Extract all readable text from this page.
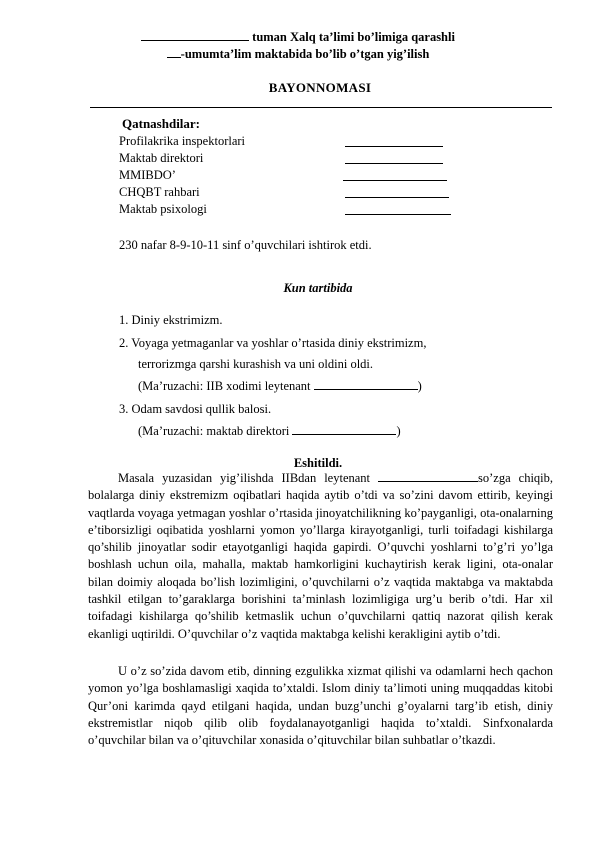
tuman Xalq ta’limi bo’limiga qarashli
-umumta’lim maktabida bo’lib o’tgan yig’ilish
BAYONNOMASI
Qatnashdilar:
Profilakrika inspektorlari
Maktab direktori
MMIBDO’
CHQBT rahbari
Maktab psixologi
230 nafar 8-9-10-11 sinf o’quvchilari ishtirok etdi.
Kun tartibida
1. Diniy ekstrimizm.
2. Voyaga yetmaganlar va yoshlar o’rtasida diniy ekstrimizm,
terrorizmga qarshi kurashish va uni oldini oldi.
(Ma’ruzachi: IIB xodimi leytenant	)
3. Odam savdosi qullik balosi.
(Ma’ruzachi: maktab direktori	)
Eshitildi.

Masala yuzasidan yig’ilishda IIBdan leytenant	so’zga chiqib, bolalarga diniy ekstremizm oqibatlari haqida aytib o’tdi va so’zini davom ettirib, keyingi vaqtlarda voyaga yetmagan yoshlar o’rtasida jinoyatchilikning ko’payganligi, ota-onalarning e’tiborsizligi oqibatida yoshlarni yomon yo’llarga kirayotganligi, turli toifadagi kishilarga qo’shilib jinoyatlar sodir etayotganligi haqida gapirdi. O’quvchi yoshlarni to’g’ri yo’lga boshlash uchun oila, mahalla, maktab hamkorligini kuchaytirish kerak ligini, ota-onalar bilan doimiy aloqada bo’lish lozimligini, o’quvchilarni o’z vaqtida maktabga va maktabda tashkil etilgan to’garaklarga borishini ta’minlash lozimligiga urg’u berib o’tdi. Har xil toifadagi kishilarga qo’shilib ketmaslik uchun o’quvchilarni qattiq nazorat qilish kerak ekanligi uqtirildi. O’quvchilar o’z vaqtida maktabga kelishi kerakligini aytib o’tdi.

U o’z so’zida davom etib, dinning ezgulikka xizmat qilishi va odamlarni hech qachon yomon yo’lga boshlamasligi xaqida to’xtaldi. Islom diniy ta’limoti uning muqqaddas kitobi Qur’oni karimda qayd etilgani haqida, undan buzg’unchi g’oyalarni targ’ib etish, diniy ekstremistlar niqob qilib olib foydalanayotganligi haqida to’xtaldi. Sinfxonalarda o’quvchilar bilan va o’qituvchilar xonasida o’qituvchilar bilan suhbatlar o’tkazdi.
